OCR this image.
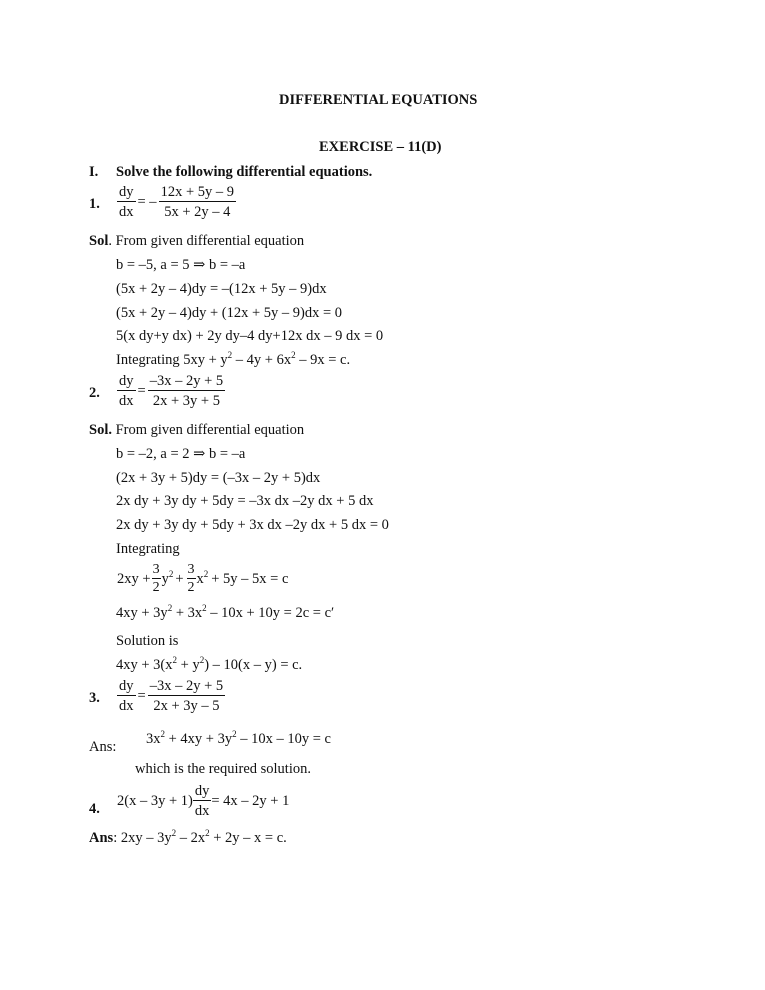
DIFFERENTIAL EQUATIONS
EXERCISE – 11(D)
I. Solve the following differential equations.
1. $\frac{dy}{dx}$ = – $\frac{12x + 5y - 9}{5x + 2y - 4}$
Sol. From given differential equation
b = –5, a = 5 ⇒ b = –a
(5x + 2y – 4)dy = –(12x + 5y – 9)dx
(5x + 2y – 4)dy + (12x + 5y – 9)dx = 0
5(x dy+y dx) + 2y dy–4 dy+12x dx – 9 dx = 0
Integrating $5xy + y^2 - 4y + 6x^2 - 9x = c$.
2. $\frac{dy}{dx} = \frac{-3x - 2y + 5}{2x + 3y + 5}$
Sol. From given differential equation
b = –2, a = 2 ⇒ b = –a
(2x + 3y + 5)dy = (–3x – 2y + 5)dx
2x dy + 3y dy + 5dy = –3x dx –2y dx + 5 dx
2x dy + 3y dy + 5dy + 3x dx –2y dx + 5 dx = 0
Integrating
$2xy + \frac{3}{2} y^2 + \frac{3}{2} x^2 + 5y - 5x = c$
$4xy + 3y^2 + 3x^2 - 10x + 10y = 2c = c'$
Solution is
$4xy + 3(x^2 + y^2) - 10(x - y) = c$.
3. $\frac{dy}{dx} = \frac{-3x - 2y + 5}{2x + 3y - 5}$
Ans: $3x^2 + 4xy + 3y^2 - 10x - 10y = c$
which is the required solution.
4.
$2(x - 3y + 1) \frac{dy}{dx} = 4x - 2y + 1$
Ans: $2xy - 3y^2 - 2x^2 + 2y - x = c$.
